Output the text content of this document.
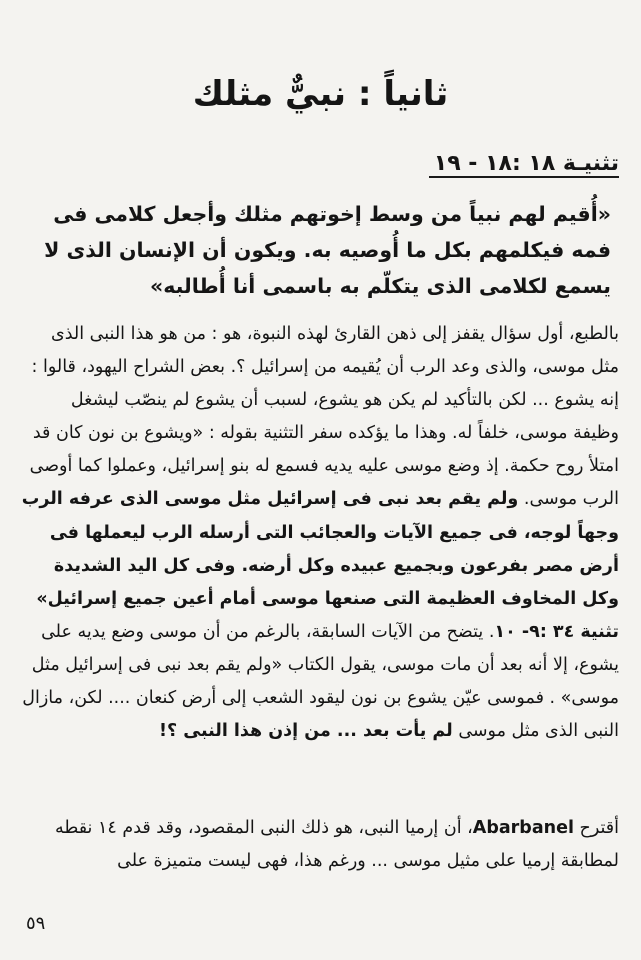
ثانياً : نبيٌّ مثلك
تثنيـة ۱۸ :۱۸ - ۱۹
«أُقيم لهم نبياً من وسط إخوتهم مثلك وأجعل كلامى فى فمه فيكلمهم بكل ما أُوصيه به. ويكون أن الإنسان الذى لا يسمع لكلامى الذى يتكلّم به باسمى أنا أُطالبه»
بالطبع، أول سؤال يقفز إلى ذهن القارئ لهذه النبوة، هو : من هو هذا النبى الذى مثل موسى، والذى وعد الرب أن يُقيمه من إسرائيل ؟. بعض الشراح اليهود، قالوا : إنه يشوع ... لكن بالتأكيد لم يكن هو يشوع، لسبب أن يشوع لم ينصّب ليشغل وظيفة موسى، خلفاً له. وهذا ما يؤكده سفر التثنية بقوله : «ويشوع بن نون كان قد امتلأ روح حكمة. إذ وضع موسى عليه يديه فسمع له بنو إسرائيل، وعملوا كما أوصى الرب موسى. ولم يقم بعد نبى فى إسرائيل مثل موسى الذى عرفه الرب وجهاً لوجه، فى جميع الآيات والعجائب التى أرسله الرب ليعملها فى أرض مصر بفرعون وبجميع عبيده وكل أرضه. وفى كل اليد الشديدة وكل المخاوف العظيمة التى صنعها موسى أمام أعين جميع إسرائيل» تثنية ٣٤ :٩- ١٠. يتضح من الآيات السابقة، بالرغم من أن موسى وضع يديه على يشوع، إلا أنه بعد أن مات موسى، يقول الكتاب «ولم يقم بعد نبى فى إسرائيل مثل موسى» . فموسى عيّن يشوع بن نون ليقود الشعب إلى أرض كنعان .... لكن، مازال النبى الذى مثل موسى لم يأت بعد ... من إذن هذا النبى ؟!
أقترح Abarbanel، أن إرميا النبى، هو ذلك النبى المقصود، وقد قدم ١٤ نقطه لمطابقة إرميا على مثيل موسى ... ورغم هذا، فهى ليست متميزة على
٥٩
